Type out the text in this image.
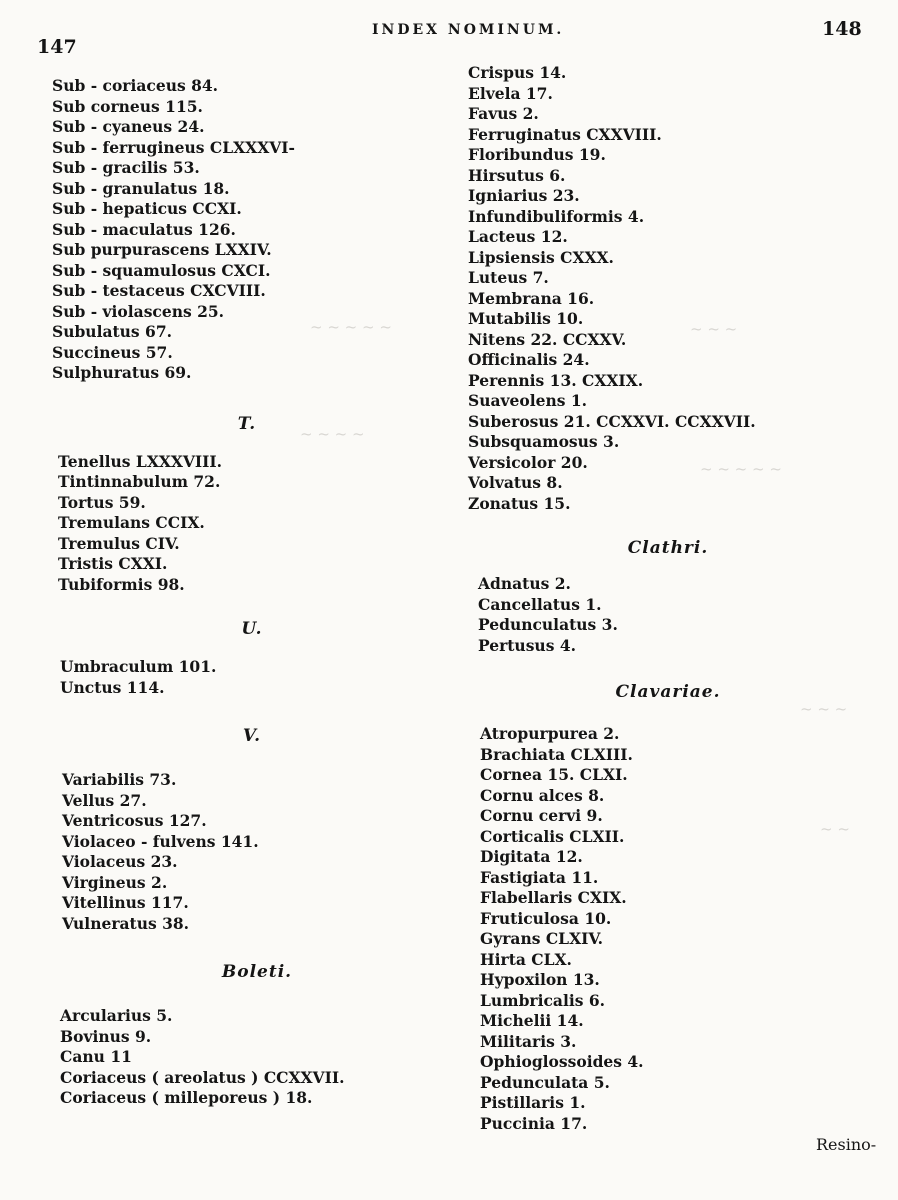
147
INDEX NOMINUM.	148
~ ~ ~ ~ ~
~ ~ ~ ~
~ ~ ~
~ ~ ~ ~ ~
~ ~ ~
~ ~
Sub - coriaceus 84.
Sub corneus 115.
Sub - cyaneus 24.
Sub - ferrugineus CLXXXVI-
Sub - gracilis 53.
Sub - granulatus 18.
Sub - hepaticus CCXI.
Sub - maculatus 126.
Sub purpurascens LXXIV.
Sub - squamulosus CXCI.
Sub - testaceus CXCVIII.
Sub - violascens 25.
Subulatus 67.
Succineus 57.
Sulphuratus 69.
T.
Tenellus LXXXVIII.
Tintinnabulum 72.
Tortus 59.
Tremulans CCIX.
Tremulus CIV.
Tristis CXXI.
Tubiformis 98.
U.
Umbraculum 101.
Unctus 114.
V.
Variabilis 73.
Vellus 27.
Ventricosus 127.
Violaceo - fulvens 141.
Violaceus 23.
Virgineus 2.
Vitellinus 117.
Vulneratus 38.
Boleti.
Arcularius 5.
Bovinus 9.
Canu 11
Coriaceus ( areolatus ) CCXXVII.
Coriaceus ( milleporeus ) 18.
Crispus 14.
Elvela 17.
Favus 2.
Ferruginatus CXXVIII.
Floribundus 19.
Hirsutus 6.
Igniarius 23.
Infundibuliformis 4.
Lacteus 12.
Lipsiensis CXXX.
Luteus 7.
Membrana 16.
Mutabilis 10.
Nitens 22. CCXXV.
Officinalis 24.
Perennis 13. CXXIX.
Suaveolens 1.
Suberosus 21. CCXXVI. CCXXVII.
Subsquamosus 3.
Versicolor 20.
Volvatus 8.
Zonatus 15.
Clathri.
Adnatus 2.
Cancellatus 1.
Pedunculatus 3.
Pertusus 4.
Clavariae.
Atropurpurea 2.
Brachiata CLXIII.
Cornea 15. CLXI.
Cornu alces 8.
Cornu cervi 9.
Corticalis CLXII.
Digitata 12.
Fastigiata 11.
Flabellaris CXIX.
Fruticulosa 10.
Gyrans CLXIV.
Hirta CLX.
Hypoxilon 13.
Lumbricalis 6.
Michelii 14.
Militaris 3.
Ophioglossoides 4.
Pedunculata 5.
Pistillaris 1.
Puccinia 17.
Resino-
